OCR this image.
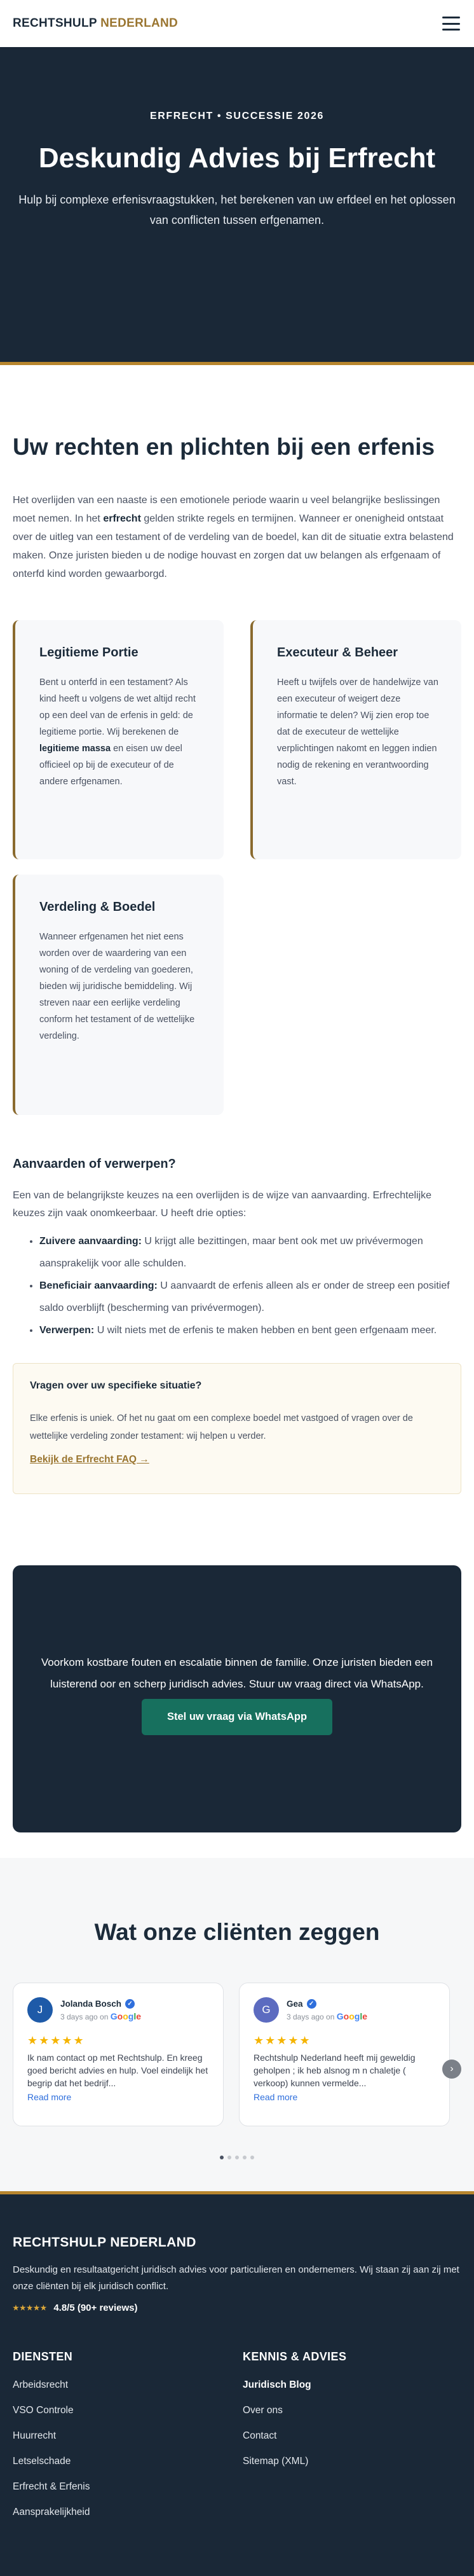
RECHTSHULP NEDERLAND
ERFRECHT • SUCCESSIE 2026
Deskundig Advies bij Erfrecht

Hulp bij complexe erfenisvraagstukken, het berekenen van uw erfdeel en het oplossen van conflicten tussen erfgenamen.

Uw rechten en plichten bij een erfenis

Het overlijden van een naaste is een emotionele periode waarin u veel belangrijke beslissingen moet nemen. In het erfrecht gelden strikte regels en termijnen. Wanneer er onenigheid ontstaat over de uitleg van een testament of de verdeling van de boedel, kan dit de situatie extra belastend maken. Onze juristen bieden u de nodige houvast en zorgen dat uw belangen als erfgenaam of onterfd kind worden gewaarborgd.

Legitieme Portie

Bent u onterfd in een testament? Als kind heeft u volgens de wet altijd recht op een deel van de erfenis in geld: de legitieme portie. Wij berekenen de legitieme massa en eisen uw deel officieel op bij de executeur of de andere erfgenamen.

Executeur & Beheer

Heeft u twijfels over de handelwijze van een executeur of weigert deze informatie te delen? Wij zien erop toe dat de executeur de wettelijke verplichtingen nakomt en leggen indien nodig de rekening en verantwoording vast.

Verdeling & Boedel

Wanneer erfgenamen het niet eens worden over de waardering van een woning of de verdeling van goederen, bieden wij juridische bemiddeling. Wij streven naar een eerlijke verdeling conform het testament of de wettelijke verdeling.

Aanvaarden of verwerpen?

Een van de belangrijkste keuzes na een overlijden is de wijze van aanvaarding. Erfrechtelijke keuzes zijn vaak onomkeerbaar. U heeft drie opties:

• Zuivere aanvaarding: U krijgt alle bezittingen, maar bent ook met uw privévermogen aansprakelijk voor alle schulden.
• Beneficiair aanvaarding: U aanvaardt de erfenis alleen als er onder de streep een positief saldo overblijft (bescherming van privévermogen).
• Verwerpen: U wilt niets met de erfenis te maken hebben en bent geen erfgenaam meer.
Vragen over uw specifieke situatie?

Elke erfenis is uniek. Of het nu gaat om een complexe boedel met vastgoed of vragen over de wettelijke verdeling zonder testament: wij helpen u verder.

Bekijk de Erfrecht FAQ →

Voorkom kostbare fouten en escalatie binnen de familie. Onze juristen bieden een luisterend oor en scherp juridisch advies. Stuur uw vraag direct via WhatsApp.

Stel uw vraag via WhatsApp
Wat onze cliënten zeggen
J	Jolanda Bosch ✓
3 days ago on Google
★★★★★

Ik nam contact op met Rechtshulp. En kreeg goed bericht advies en hulp. Voel eindelijk het begrip dat het bedrijf...

Read more
G	Gea ✓
3 days ago on Google
★★★★★

Rechtshulp Nederland heeft mij geweldig geholpen ; ik heb alsnog m n chaletje ( verkoop) kunnen vermelde...

Read more
›
RECHTSHULP NEDERLAND

Deskundig en resultaatgericht juridisch advies voor particulieren en ondernemers. Wij staan zij aan zij met onze cliënten bij elk juridisch conflict.

★★★★★ 4.8/5 (90+ reviews)
DIENSTEN
Arbeidsrecht
VSO Controle
Huurrecht
Letselschade
Erfrecht & Erfenis
Aansprakelijkheid
KENNIS & ADVIES
Juridisch Blog
Over ons
Contact
Sitemap (XML)
